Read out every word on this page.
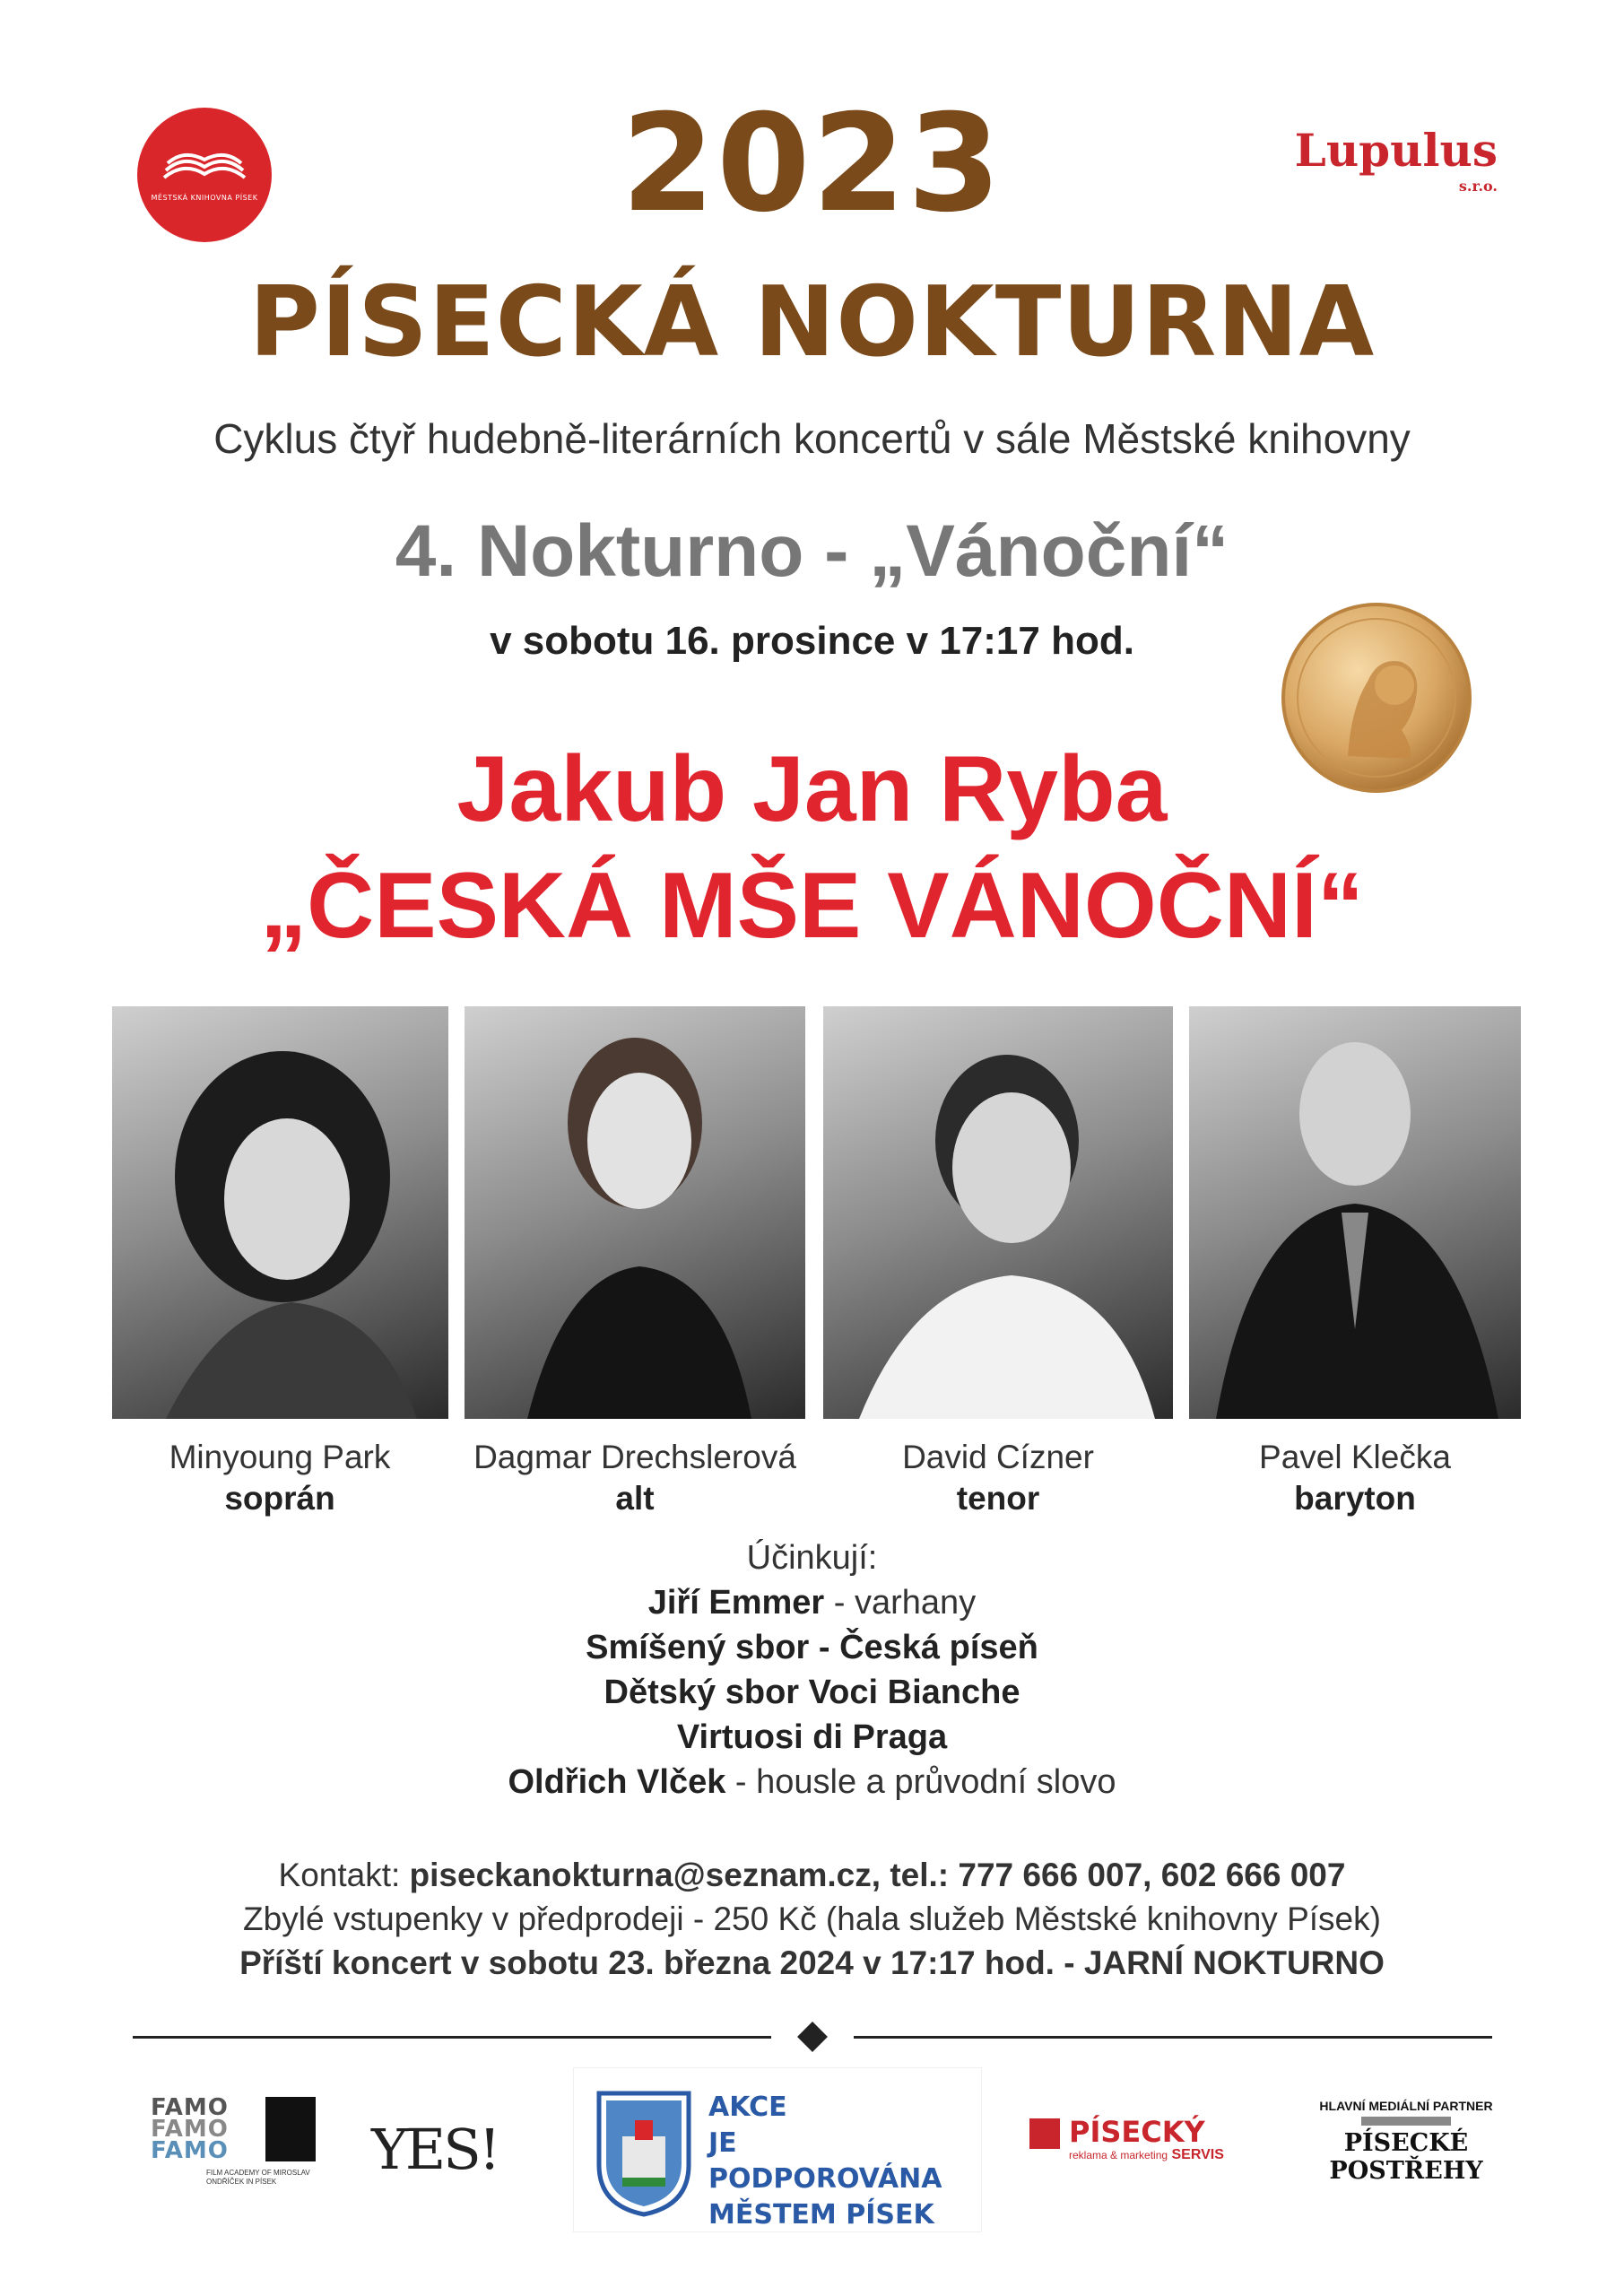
MĚSTSKÁ KNIHOVNA PÍSEK	2023	Lupulus
s.r.o.
PÍSECKÁ NOKTURNA
Cyklus čtyř hudebně-literárních koncertů v sále Městské knihovny
4. Nokturno - „Vánoční“
v sobotu 16. prosince v 17:17 hod.
Jakub Jan Ryba
„ČESKÁ MŠE VÁNOČNÍ“
Minyoung Park
soprán
Dagmar Drechslerová
alt
David Cízner
tenor
Pavel Klečka
baryton
Účinkují:
Jiří Emmer - varhany
Smíšený sbor - Česká píseň
Dětský sbor Voci Bianche
Virtuosi di Praga
Oldřich Vlček - housle a průvodní slovo
Kontakt: piseckanokturna@seznam.cz, tel.: 777 666 007, 602 666 007
Zbylé vstupenky v předprodeji - 250 Kč (hala služeb Městské knihovny Písek)
Příští koncert v sobotu 23. března 2024 v 17:17 hod. - JARNÍ NOKTURNO
FAMO
FAMO
FAMO
FILM ACADEMY OF MIROSLAV ONDŘÍČEK IN PÍSEK	YES!
AKCE
JE PODPOROVÁNA
MĚSTEM PÍSEK
PÍSECKÝ
reklama & marketing SERVIS
HLAVNÍ MEDIÁLNÍ PARTNER
PÍSECKÉ POSTŘEHY
